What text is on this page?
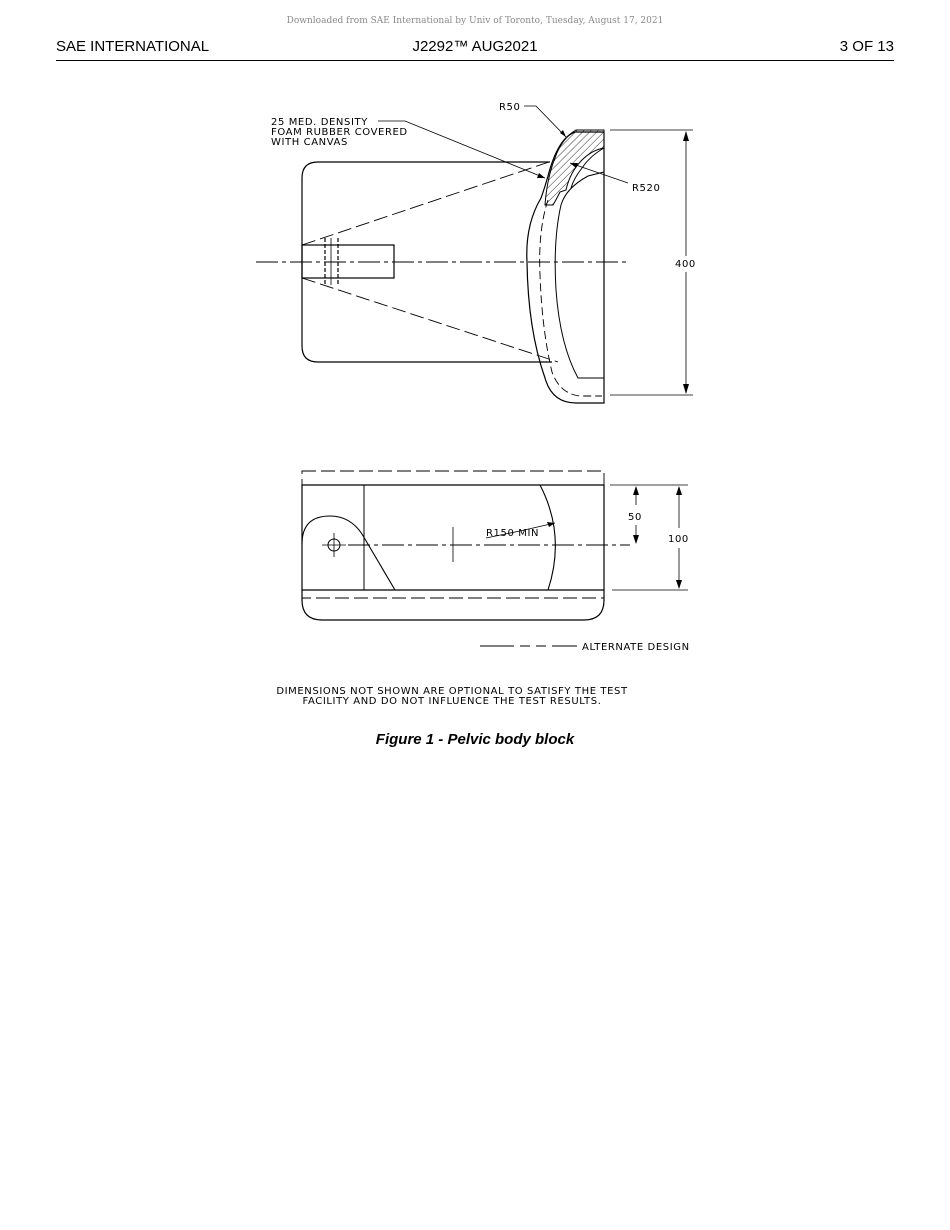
Downloaded from SAE International by Univ of Toronto, Tuesday, August 17, 2021
SAE INTERNATIONAL	J2292™ AUG2021	3 OF 13
R50
25 MED. DENSITY
FOAM RUBBER COVERED
WITH CANVAS
R520
400
R150 MIN
50
100
ALTERNATE DESIGN
DIMENSIONS NOT SHOWN ARE OPTIONAL TO SATISFY THE TEST
FACILITY AND DO NOT INFLUENCE THE TEST RESULTS.
Figure 1 - Pelvic body block
